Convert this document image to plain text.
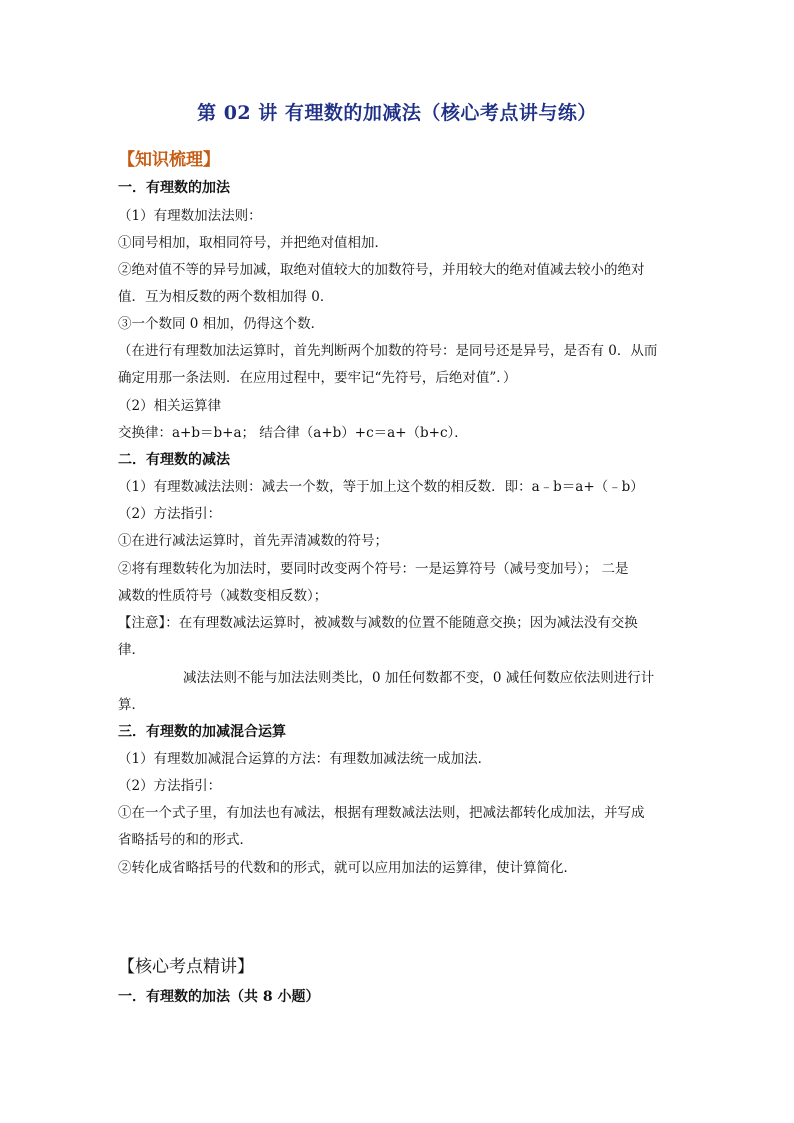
第 02 讲 有理数的加减法（核心考点讲与练）
【知识梳理】
一．有理数的加法
（1）有理数加法法则：
①同号相加，取相同符号，并把绝对值相加．
②绝对值不等的异号加减，取绝对值较大的加数符号，并用较大的绝对值减去较小的绝对
值．互为相反数的两个数相加得 0．
③一个数同 0 相加，仍得这个数．
（在进行有理数加法运算时，首先判断两个加数的符号：是同号还是异号，是否有 0．从而
确定用那一条法则．在应用过程中，要牢记“先符号，后绝对值”．）
（2）相关运算律
交换律：a+b＝b+a； 结合律（a+b）+c＝a+（b+c）．
二．有理数的减法
（1）有理数减法法则：减去一个数，等于加上这个数的相反数．即：a﹣b＝a+（﹣b）
（2）方法指引：
①在进行减法运算时，首先弄清减数的符号；
②将有理数转化为加法时，要同时改变两个符号：一是运算符号（减号变加号）； 二是
减数的性质符号（减数变相反数）；
【注意】：在有理数减法运算时，被减数与减数的位置不能随意交换；因为减法没有交换
律．
减法法则不能与加法法则类比，0 加任何数都不变，0 减任何数应依法则进行计
算．
三．有理数的加减混合运算
（1）有理数加减混合运算的方法：有理数加减法统一成加法．
（2）方法指引：
①在一个式子里，有加法也有减法，根据有理数减法法则，把减法都转化成加法，并写成
省略括号的和的形式．
②转化成省略括号的代数和的形式，就可以应用加法的运算律，使计算简化．
【核心考点精讲】
一．有理数的加法（共 8 小题）
